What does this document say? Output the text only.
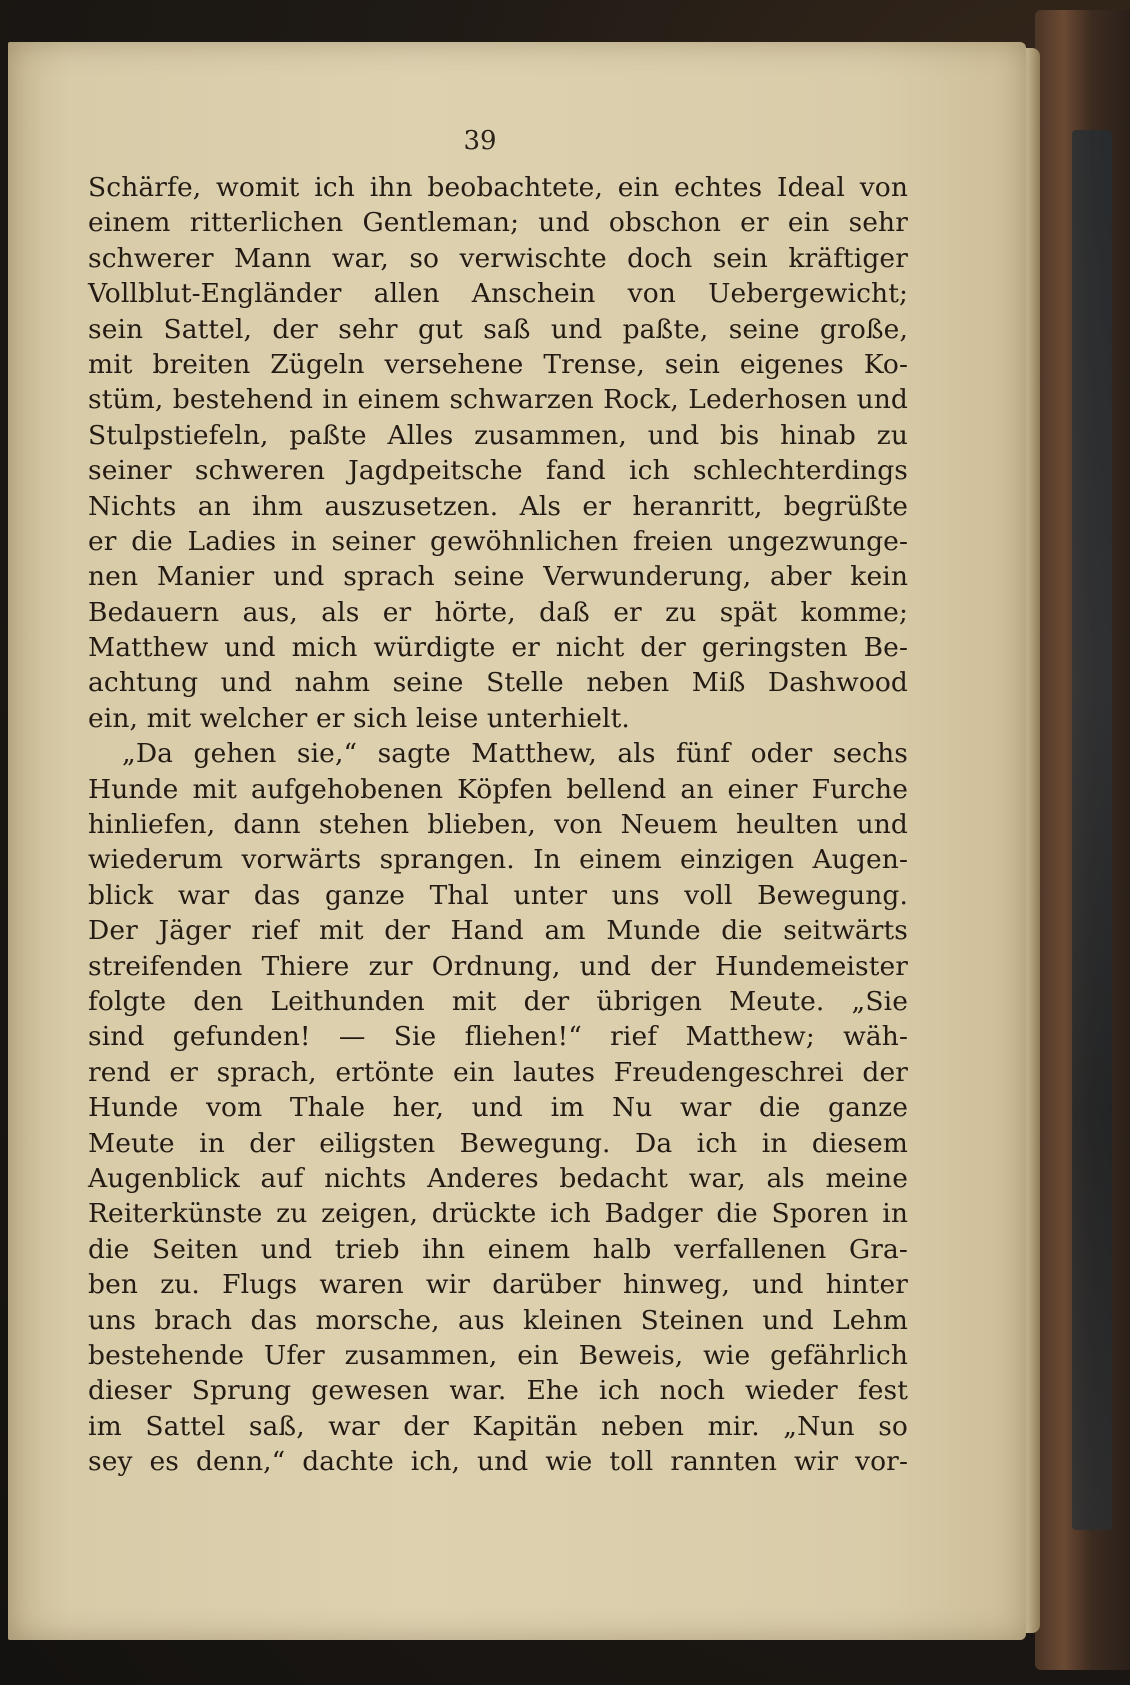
39
Schärfe, womit ich ihn beobachtete, ein echtes Ideal von
einem ritterlichen Gentleman; und obschon er ein sehr
schwerer Mann war, so verwischte doch sein kräftiger
Vollblut-Engländer allen Anschein von Uebergewicht;
sein Sattel, der sehr gut saß und paßte, seine große,
mit breiten Zügeln versehene Trense, sein eigenes Ko-
stüm, bestehend in einem schwarzen Rock, Lederhosen und
Stulpstiefeln, paßte Alles zusammen, und bis hinab zu
seiner schweren Jagdpeitsche fand ich schlechterdings
Nichts an ihm auszusetzen. Als er heranritt, begrüßte
er die Ladies in seiner gewöhnlichen freien ungezwunge-
nen Manier und sprach seine Verwunderung, aber kein
Bedauern aus, als er hörte, daß er zu spät komme;
Matthew und mich würdigte er nicht der geringsten Be-
achtung und nahm seine Stelle neben Miß Dashwood
ein, mit welcher er sich leise unterhielt.
„Da gehen sie,“ sagte Matthew, als fünf oder sechs
Hunde mit aufgehobenen Köpfen bellend an einer Furche
hinliefen, dann stehen blieben, von Neuem heulten und
wiederum vorwärts sprangen. In einem einzigen Augen-
blick war das ganze Thal unter uns voll Bewegung.
Der Jäger rief mit der Hand am Munde die seitwärts
streifenden Thiere zur Ordnung, und der Hundemeister
folgte den Leithunden mit der übrigen Meute. „Sie
sind gefunden! — Sie fliehen!“ rief Matthew; wäh-
rend er sprach, ertönte ein lautes Freudengeschrei der
Hunde vom Thale her, und im Nu war die ganze
Meute in der eiligsten Bewegung. Da ich in diesem
Augenblick auf nichts Anderes bedacht war, als meine
Reiterkünste zu zeigen, drückte ich Badger die Sporen in
die Seiten und trieb ihn einem halb verfallenen Gra-
ben zu. Flugs waren wir darüber hinweg, und hinter
uns brach das morsche, aus kleinen Steinen und Lehm
bestehende Ufer zusammen, ein Beweis, wie gefährlich
dieser Sprung gewesen war. Ehe ich noch wieder fest
im Sattel saß, war der Kapitän neben mir. „Nun so
sey es denn,“ dachte ich, und wie toll rannten wir vor-
